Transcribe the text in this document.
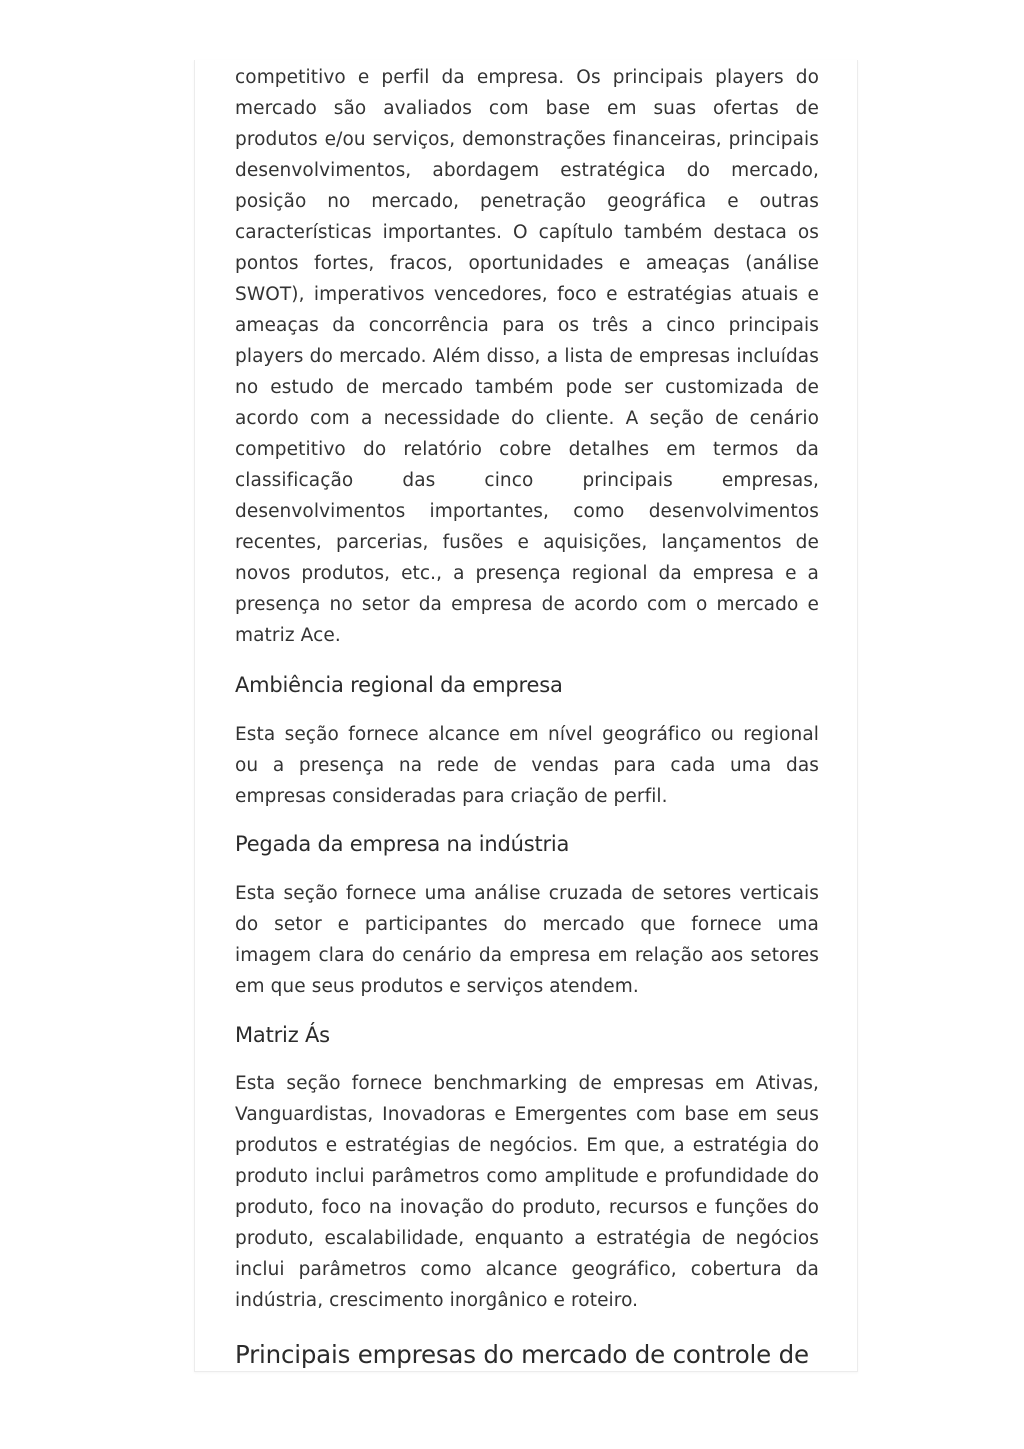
competitivo e perfil da empresa. Os principais players do mercado são avaliados com base em suas ofertas de produtos e/ou serviços, demonstrações financeiras, principais desenvolvimentos, abordagem estratégica do mercado, posição no mercado, penetração geográfica e outras características importantes. O capítulo também destaca os pontos fortes, fracos, oportunidades e ameaças (análise SWOT), imperativos vencedores, foco e estratégias atuais e ameaças da concorrência para os três a cinco principais players do mercado. Além disso, a lista de empresas incluídas no estudo de mercado também pode ser customizada de acordo com a necessidade do cliente. A seção de cenário competitivo do relatório cobre detalhes em termos da classificação das cinco principais empresas, desenvolvimentos importantes, como desenvolvimentos recentes, parcerias, fusões e aquisições, lançamentos de novos produtos, etc., a presença regional da empresa e a presença no setor da empresa de acordo com o mercado e matriz Ace.

Ambiência regional da empresa

Esta seção fornece alcance em nível geográfico ou regional ou a presença na rede de vendas para cada uma das empresas consideradas para criação de perfil.

Pegada da empresa na indústria

Esta seção fornece uma análise cruzada de setores verticais do setor e participantes do mercado que fornece uma imagem clara do cenário da empresa em relação aos setores em que seus produtos e serviços atendem.

Matriz Ás

Esta seção fornece benchmarking de empresas em Ativas, Vanguardistas, Inovadoras e Emergentes com base em seus produtos e estratégias de negócios. Em que, a estratégia do produto inclui parâmetros como amplitude e profundidade do produto, foco na inovação do produto, recursos e funções do produto, escalabilidade, enquanto a estratégia de negócios inclui parâmetros como alcance geográfico, cobertura da indústria, crescimento inorgânico e roteiro.

Principais empresas do mercado de controle de
